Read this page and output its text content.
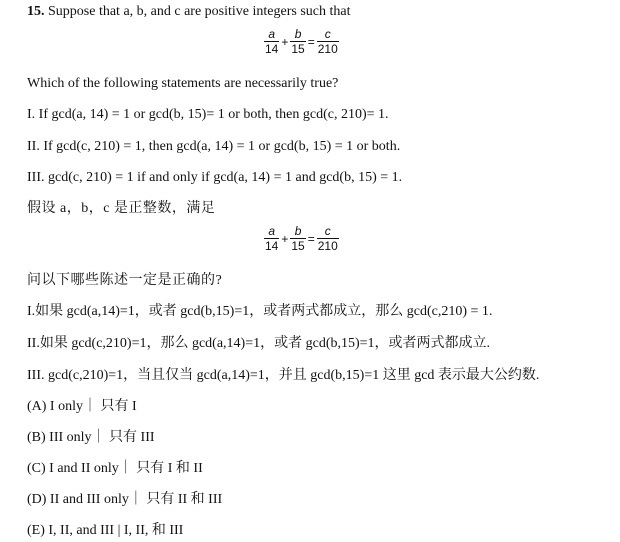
15. Suppose that a, b, and c are positive integers such that
$\frac{a}{14} + \frac{b}{15} = \frac{c}{210}$
Which of the following statements are necessarily true?
I. If gcd(a, 14) = 1 or gcd(b, 15)= 1 or both, then gcd(c, 210)= 1.
II. If gcd(c, 210) = 1, then gcd(a, 14) = 1 or gcd(b, 15) = 1 or both.
III. gcd(c, 210) = 1 if and only if gcd(a, 14) = 1 and gcd(b, 15) = 1.
假设 a，b，c 是正整数，满足
$\frac{a}{14} + \frac{b}{15} = \frac{c}{210}$
问以下哪些陈述一定是正确的?
I.如果 gcd(a,14)=1，或者 gcd(b,15)=1，或者两式都成立，那么 gcd(c,210) = 1.
II.如果 gcd(c,210)=1，那么 gcd(a,14)=1，或者 gcd(b,15)=1，或者两式都成立.
III. gcd(c,210)=1，当且仅当 gcd(a,14)=1，并且 gcd(b,15)=1 这里 gcd 表示最大公约数.
(A) I only｜ 只有 I
(B) III only｜ 只有 III
(C) I and II only｜ 只有 I 和 II
(D) II and III only｜ 只有 II 和 III
(E) I, II, and III | I, II, 和 III
